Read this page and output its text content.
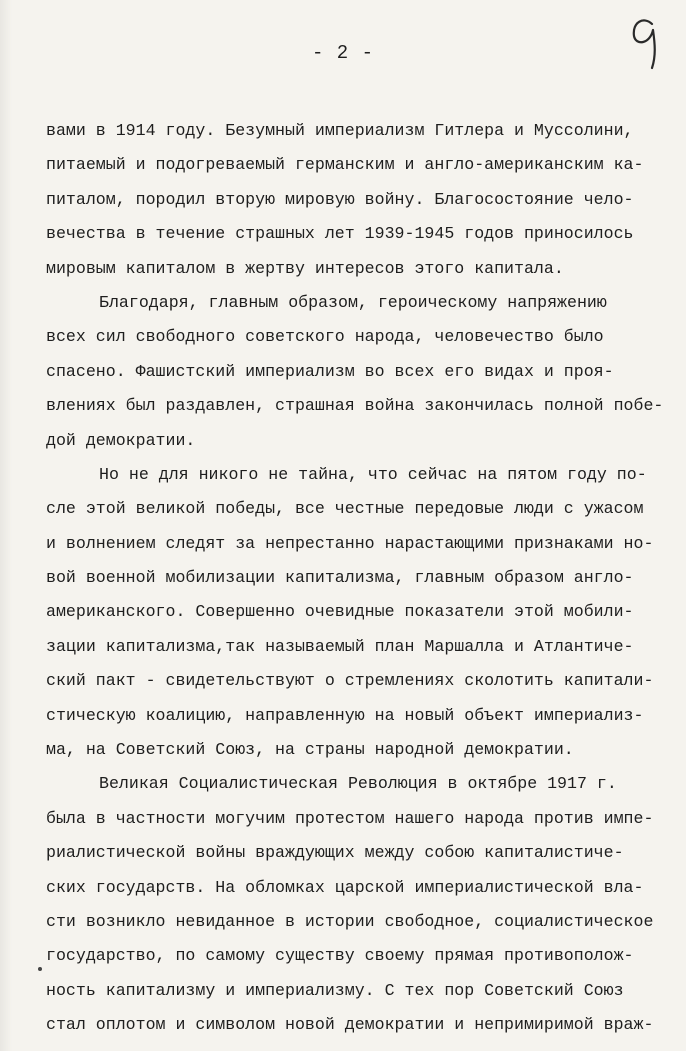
- 2 -
вами в 1914 году. Безумный империализм Гитлера и Муссолини,
питаемый и подогреваемый германским и англо-американским ка-
питалом, породил вторую мировую войну. Благосостояние чело-
вечества в течение страшных лет 1939-1945 годов приносилось
мировым капиталом в жертву интересов этого капитала.
Благодаря, главным образом, героическому напряжению
всех сил свободного советского народа, человечество было
спасено. Фашистский империализм во всех его видах и проя-
влениях был раздавлен, страшная война закончилась полной побе-
дой демократии.
Но не для никого не тайна, что сейчас на пятом году по-
сле этой великой победы, все честные передовые люди с ужасом
и волнением следят за непрестанно нарастающими признаками но-
вой военной мобилизации капитализма, главным образом англо-
американского. Совершенно очевидные показатели этой мобили-
зации капитализма,так называемый план Маршалла и Атлантиче-
ский пакт - свидетельствуют о стремлениях сколотить капитали-
стическую коалицию, направленную на новый объект империализ-
ма, на Советский Союз, на страны народной демократии.
Великая Социалистическая Революция в октябре 1917 г.
была в частности могучим протестом нашего народа против импе-
риалистической войны враждующих между собою капиталистиче-
ских государств. На обломках царской империалистической вла-
сти возникло невиданное в истории свободное, социалистическое
государство, по самому существу своему прямая противополож-
ность капитализму и империализму. С тех пор Советский Союз
стал оплотом и символом новой демократии и непримиримой враж-
